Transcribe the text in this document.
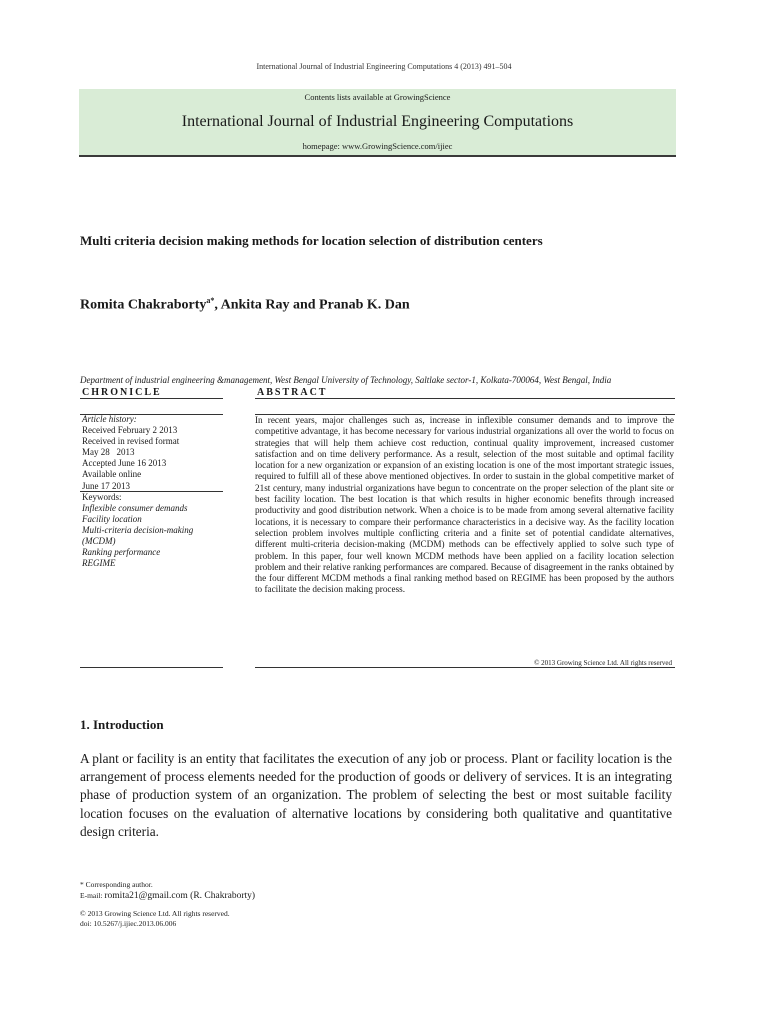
International Journal of Industrial Engineering Computations 4 (2013) 491–504
Contents lists available at GrowingScience
International Journal of Industrial Engineering Computations
homepage: www.GrowingScience.com/ijiec
Multi criteria decision making methods for location selection of distribution centers
Romita Chakraborty$^{a*}$, Ankita Ray and Pranab K. Dan
Department of industrial engineering &management, West Bengal University of Technology, Saltlake sector-1, Kolkata-700064, West Bengal, India
CHRONICLE	ABSTRACT
Article history:
Received February 2 2013
Received in revised format
May 28   2013
Accepted June 16 2013
Available online
June 17 2013
Keywords:
Inflexible consumer demands
Facility location
Multi-criteria decision-making
(MCDM)
Ranking performance
REGIME
In recent years, major challenges such as, increase in inflexible consumer demands and to improve the competitive advantage, it has become necessary for various industrial organizations all over the world to focus on strategies that will help them achieve cost reduction, continual quality improvement, increased customer satisfaction and on time delivery performance. As a result, selection of the most suitable and optimal facility location for a new organization or expansion of an existing location is one of the most important strategic issues, required to fulfill all of these above mentioned objectives. In order to sustain in the global competitive market of 21st century, many industrial organizations have begun to concentrate on the proper selection of the plant site or best facility location. The best location is that which results in higher economic benefits through increased productivity and good distribution network. When a choice is to be made from among several alternative facility locations, it is necessary to compare their performance characteristics in a decisive way. As the facility location selection problem involves multiple conflicting criteria and a finite set of potential candidate alternatives, different multi-criteria decision-making (MCDM) methods can be effectively applied to solve such type of problem. In this paper, four well known MCDM methods have been applied on a facility location selection problem and their relative ranking performances are compared. Because of disagreement in the ranks obtained by the four different MCDM methods a final ranking method based on REGIME has been proposed by the authors to facilitate the decision making process.
© 2013 Growing Science Ltd. All rights reserved
1. Introduction
A plant or facility is an entity that facilitates the execution of any job or process. Plant or facility location is the arrangement of process elements needed for the production of goods or delivery of services. It is an integrating phase of production system of an organization. The problem of selecting the best or most suitable facility location focuses on the evaluation of alternative locations by considering both qualitative and quantitative design criteria.
* Corresponding author.
E-mail: romita21@gmail.com (R. Chakraborty)
© 2013 Growing Science Ltd. All rights reserved.
doi: 10.5267/j.ijiec.2013.06.006
